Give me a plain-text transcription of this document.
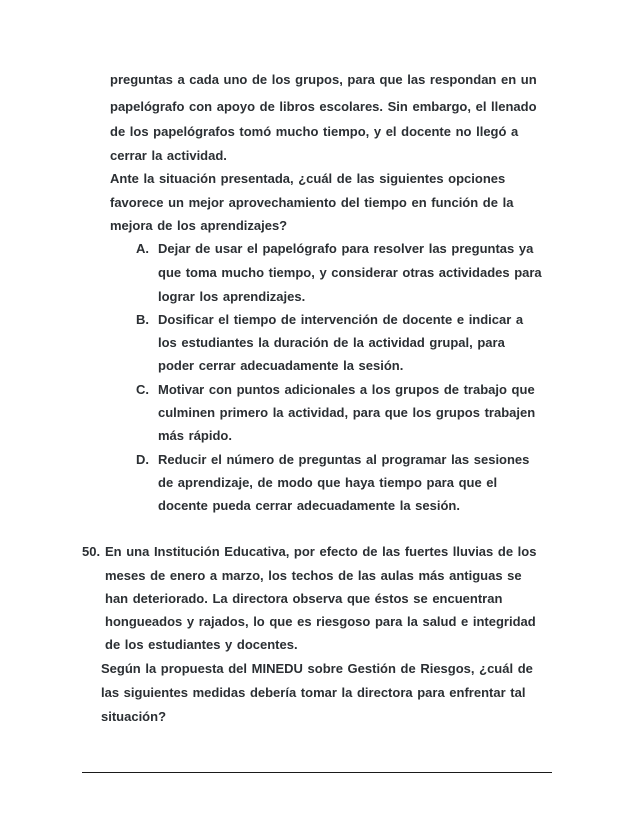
preguntas a cada uno de los grupos, para que las respondan en un
papelógrafo con apoyo de libros escolares. Sin embargo, el llenado
de los papelógrafos tomó mucho tiempo, y el docente no llegó a
cerrar la actividad.
Ante la situación presentada, ¿cuál de las siguientes opciones
favorece un mejor aprovechamiento del tiempo en función de la
mejora de los aprendizajes?
A. Dejar de usar el papelógrafo para resolver las preguntas ya
que toma mucho tiempo, y considerar otras actividades para
lograr los aprendizajes.
B. Dosificar el tiempo de intervención de docente e indicar a
los estudiantes la duración de la actividad grupal, para
poder cerrar adecuadamente la sesión.
C. Motivar con puntos adicionales a los grupos de trabajo que
culminen primero la actividad, para que los grupos trabajen
más rápido.
D. Reducir el número de preguntas al programar las sesiones
de aprendizaje, de modo que haya tiempo para que el
docente pueda cerrar adecuadamente la sesión.
50. En una Institución Educativa, por efecto de las fuertes lluvias de los
meses de enero a marzo, los techos de las aulas más antiguas se
han deteriorado. La directora observa que éstos se encuentran
hongueados y rajados, lo que es riesgoso para la salud e integridad
de los estudiantes y docentes.
Según la propuesta del MINEDU sobre Gestión de Riesgos, ¿cuál de
las siguientes medidas debería tomar la directora para enfrentar tal
situación?
